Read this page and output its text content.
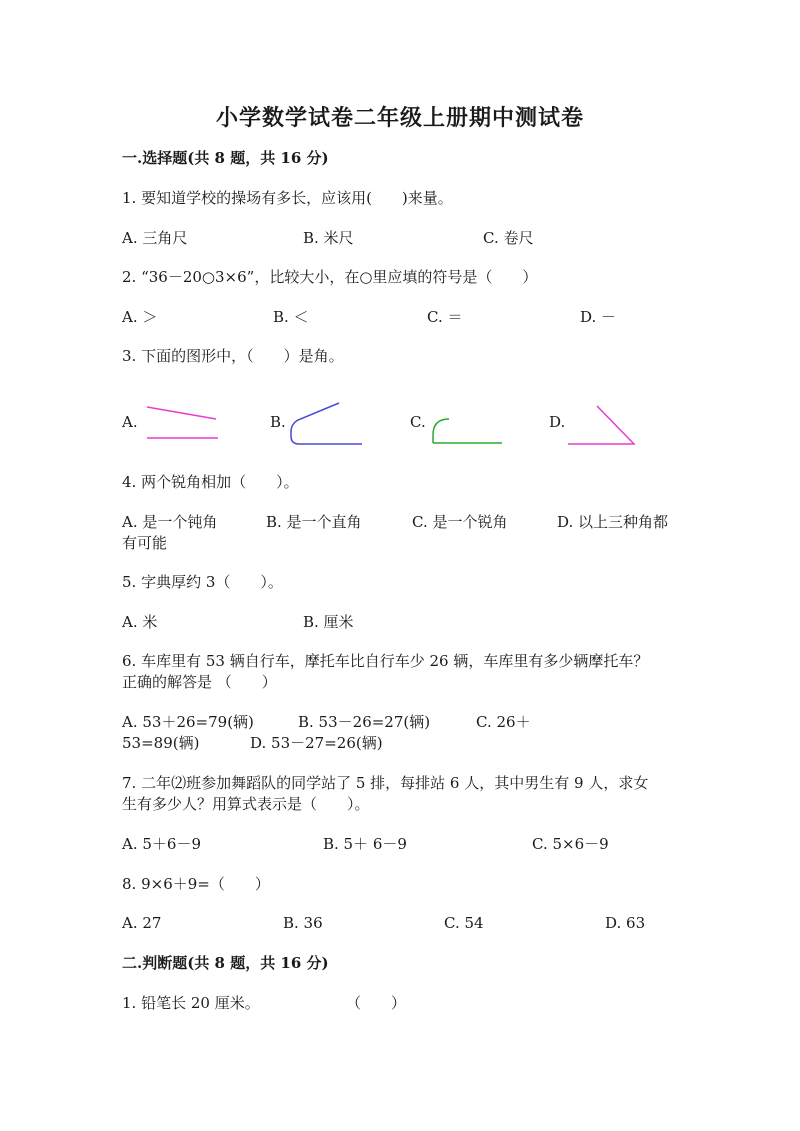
小学数学试卷二年级上册期中测试卷
一.选择题(共 8 题，共 16 分)
1. 要知道学校的操场有多长，应该用(　　)来量。
A. 三角尺	B. 米尺	C. 卷尺
2. “36－20○3×6”，比较大小，在○里应填的符号是（　　）
A. ＞	B. ＜	C. ＝	D. －
3. 下面的图形中，（　　）是角。
A.	B.	C.	D.
4. 两个锐角相加（　　）。
A. 是一个钝角	B. 是一个直角	C. 是一个锐角	D. 以上三种角都
有可能
5. 字典厚约 3（　　）。
A. 米	B. 厘米
6. 车库里有 53 辆自行车，摩托车比自行车少 26 辆，车库里有多少辆摩托车？
正确的解答是 （　　）
A. 53＋26=79(辆)	B. 53－26=27(辆)	C. 26＋
53=89(辆)	D. 53－27=26(辆)
7. 二年⑵班参加舞蹈队的同学站了 5 排，每排站 6 人，其中男生有 9 人，求女
生有多少人？用算式表示是（　　）。
A. 5＋6－9	B. 5＋ 6－9	C. 5×6－9
8. 9×6＋9=（　　）
A. 27	B. 36	C. 54	D. 63
二.判断题(共 8 题，共 16 分)
1. 铅笔长 20 厘米。	（　　）
